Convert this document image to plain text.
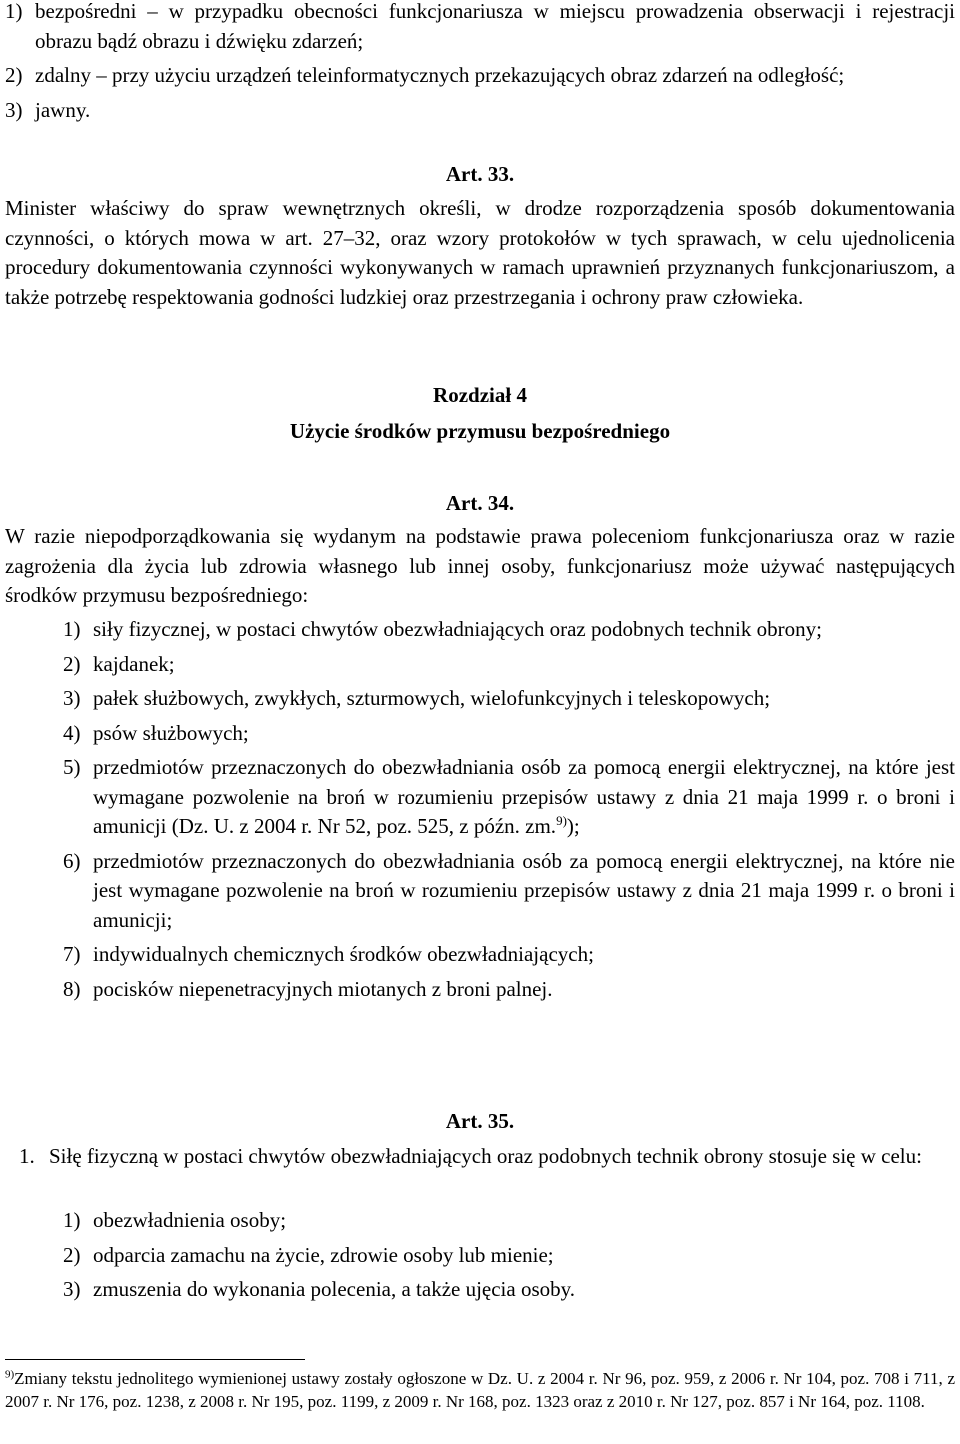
1) bezpośredni – w przypadku obecności funkcjonariusza w miejscu prowadzenia obserwacji i rejestracji obrazu bądź obrazu i dźwięku zdarzeń;
2) zdalny – przy użyciu urządzeń teleinformatycznych przekazujących obraz zdarzeń na odległość;
3) jawny.
Art. 33.
Minister właściwy do spraw wewnętrznych określi, w drodze rozporządzenia sposób dokumentowania czynności, o których mowa w art. 27–32, oraz wzory protokołów w tych sprawach, w celu ujednolicenia procedury dokumentowania czynności wykonywanych w ramach uprawnień przyznanych funkcjonariuszom, a także potrzebę respektowania godności ludzkiej oraz przestrzegania i ochrony praw człowieka.
Rozdział 4
Użycie środków przymusu bezpośredniego
Art. 34.
W razie niepodporządkowania się wydanym na podstawie prawa poleceniom funkcjonariusza oraz w razie zagrożenia dla życia lub zdrowia własnego lub innej osoby, funkcjonariusz może używać następujących środków przymusu bezpośredniego:
1) siły fizycznej, w postaci chwytów obezwładniających oraz podobnych technik obrony;
2) kajdanek;
3) pałek służbowych, zwykłych, szturmowych, wielofunkcyjnych i teleskopowych;
4) psów służbowych;
5) przedmiotów przeznaczonych do obezwładniania osób za pomocą energii elektrycznej, na które jest wymagane pozwolenie na broń w rozumieniu przepisów ustawy z dnia 21 maja 1999 r. o broni i amunicji (Dz. U. z 2004 r. Nr 52, poz. 525, z późn. zm.$^{9)}$);
6) przedmiotów przeznaczonych do obezwładniania osób za pomocą energii elektrycznej, na które nie jest wymagane pozwolenie na broń w rozumieniu przepisów ustawy z dnia 21 maja 1999 r. o broni i amunicji;
7) indywidualnych chemicznych środków obezwładniających;
8) pocisków niepenetracyjnych miotanych z broni palnej.
Art. 35.
1. Siłę fizyczną w postaci chwytów obezwładniających oraz podobnych technik obrony stosuje się w celu:
1) obezwładnienia osoby;
2) odparcia zamachu na życie, zdrowie osoby lub mienie;
3) zmuszenia do wykonania polecenia, a także ujęcia osoby.
$^{9)}$Zmiany tekstu jednolitego wymienionej ustawy zostały ogłoszone w Dz. U. z 2004 r. Nr 96, poz. 959, z 2006 r. Nr 104, poz. 708 i 711, z 2007 r. Nr 176, poz. 1238, z 2008 r. Nr 195, poz. 1199, z 2009 r. Nr 168, poz. 1323 oraz z 2010 r. Nr 127, poz. 857 i Nr 164, poz. 1108.
